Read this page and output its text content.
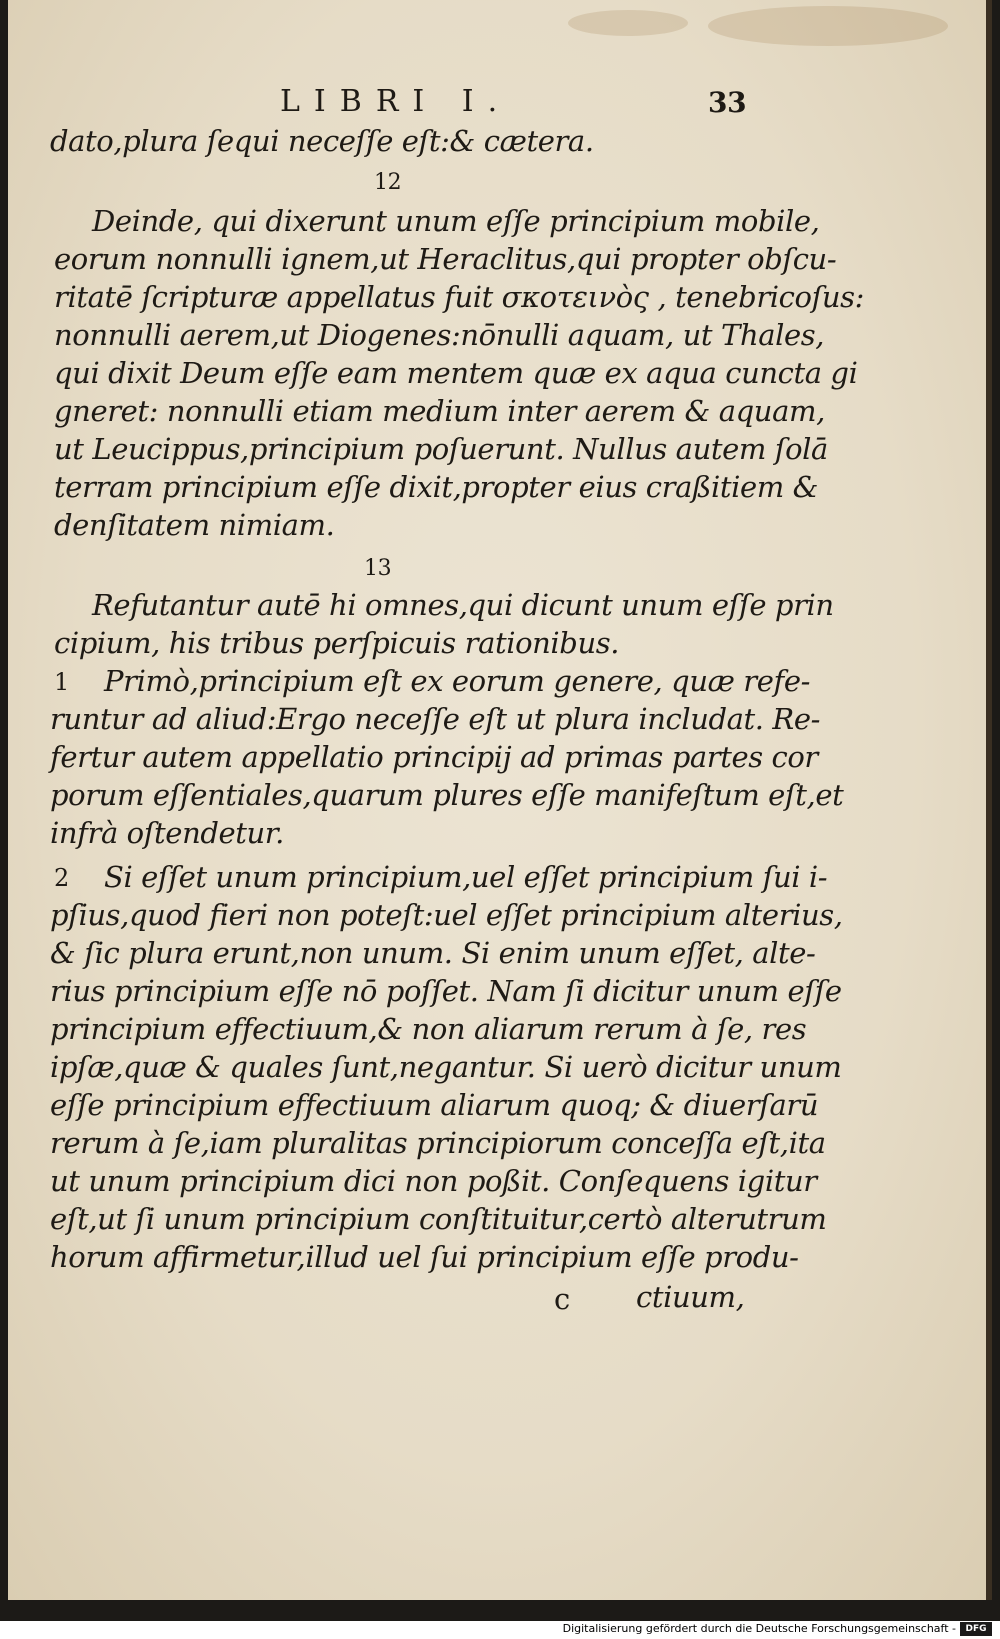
LIBRI I.	33
dato,plura ſequi neceſſe eſt:& cætera.
12
Deinde, qui dixerunt unum eſſe principium mobile,
eorum nonnulli ignem,ut Heraclitus,qui propter obſcu-
ritatē ſcripturæ appellatus fuit σκοτεινὸς , tenebricoſus:
nonnulli aerem,ut Diogenes:nōnulli aquam, ut Thales,
qui dixit Deum eſſe eam mentem quæ ex aqua cuncta gi
gneret: nonnulli etiam medium inter aerem & aquam,
ut Leucippus,principium poſuerunt. Nullus autem ſolā
terram principium eſſe dixit,propter eius craßitiem &
denſitatem nimiam.
13
Refutantur autē hi omnes,qui dicunt unum eſſe prin
cipium, his tribus perſpicuis rationibus.
1 Primò,principium eſt ex eorum genere, quæ refe-
runtur ad aliud:Ergo neceſſe eſt ut plura includat. Re-
fertur autem appellatio principij ad primas partes cor
porum eſſentiales,quarum plures eſſe manifeſtum eſt,et
infrà oſtendetur.
2 Si eſſet unum principium,uel eſſet principium ſui i-
pſius,quod fieri non poteſt:uel eſſet principium alterius,
& ſic plura erunt,non unum. Si enim unum eſſet, alte-
rius principium eſſe nō poſſet. Nam ſi dicitur unum eſſe
principium effectiuum,& non aliarum rerum à ſe, res
ipſæ,quæ & quales ſunt,negantur. Si uerò dicitur unum
eſſe principium effectiuum aliarum quoq; & diuerſarū
rerum à ſe,iam pluralitas principiorum conceſſa eſt,ita
ut unum principium dici non poßit. Conſequens igitur
eſt,ut ſi unum principium conſtituitur,certò alterutrum
horum affirmetur,illud uel ſui principium eſſe produ-
c ctiuum,
Digitalisierung gefördert durch die Deutsche Forschungsgemeinschaft -	DFG
